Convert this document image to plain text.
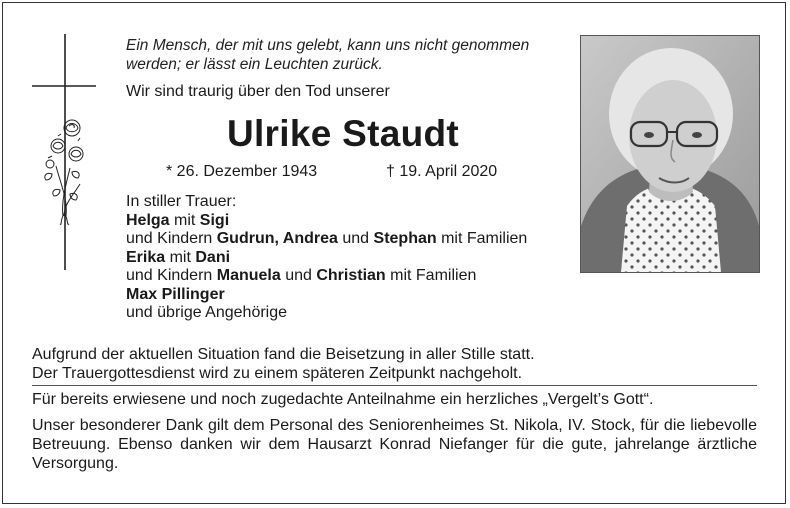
Ein Mensch, der mit uns gelebt, kann uns nicht genommen
werden; er lässt ein Leuchten zurück.
Wir sind traurig über den Tod unserer
Ulrike Staudt
* 26. Dezember 1943	† 19. April 2020
In stiller Trauer:
Helga mit Sigi
und Kindern Gudrun, Andrea und Stephan mit Familien
Erika mit Dani
und Kindern Manuela und Christian mit Familien
Max Pillinger
und übrige Angehörige
Aufgrund der aktuellen Situation fand die Beisetzung in aller Stille statt.
Der Trauergottesdienst wird zu einem späteren Zeitpunkt nachgeholt.
Für bereits erwiesene und noch zugedachte Anteilnahme ein herzliches „Vergelt’s Gott“.
Unser besonderer Dank gilt dem Personal des Seniorenheimes St. Nikola, IV. Stock, für die liebevolle Betreuung. Ebenso danken wir dem Hausarzt Konrad Niefanger für die gute, jahrelange ärztliche Versorgung.
